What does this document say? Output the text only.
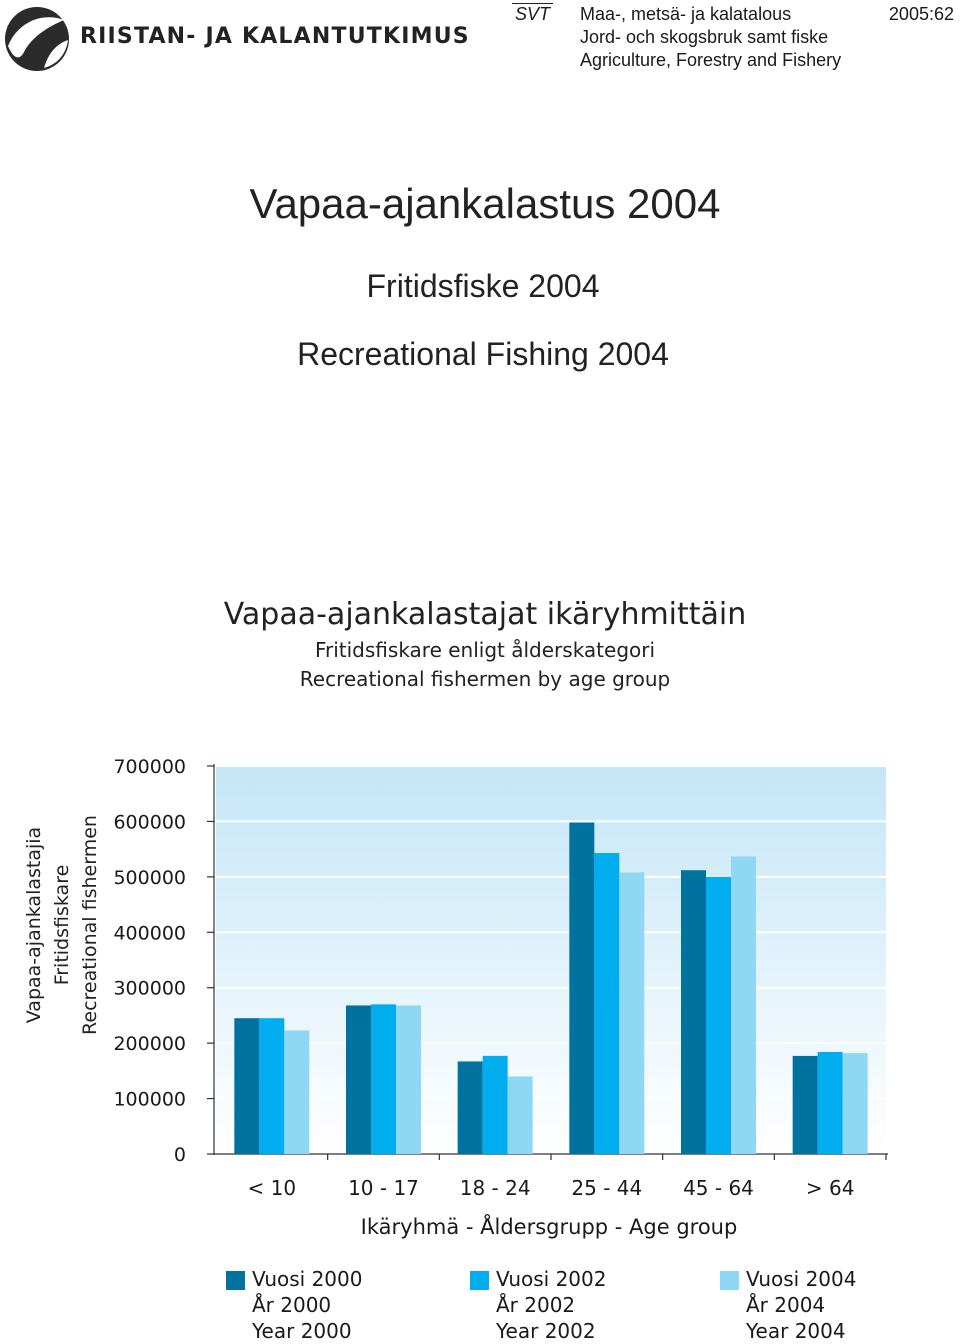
RIISTAN- JA KALANTUTKIMUS
SVT Maa-, metsä- ja kalatalous
Jord- och skogsbruk samt fiske
Agriculture, Forestry and Fishery
2005:62
Vapaa-ajankalastus 2004
Fritidsfiske 2004
Recreational Fishing 2004
Vapaa-ajankalastajat ikäryhmittäin
Fritidsfiskare enligt ålderskategori
Recreational fishermen by age group
Vapaa-ajankalastajia Fritidsfiskare Recreational fishermen
0
100000
200000
300000
400000
500000
600000
700000
< 10	10 - 17 18 - 24 25 - 44 45 - 64	> 64
Ikäryhmä - Åldersgrupp - Age group
Vuosi 2000
År 2000
Year 2000
Vuosi 2002
År 2002
Year 2002
Vuosi 2004
År 2004
Year 2004
